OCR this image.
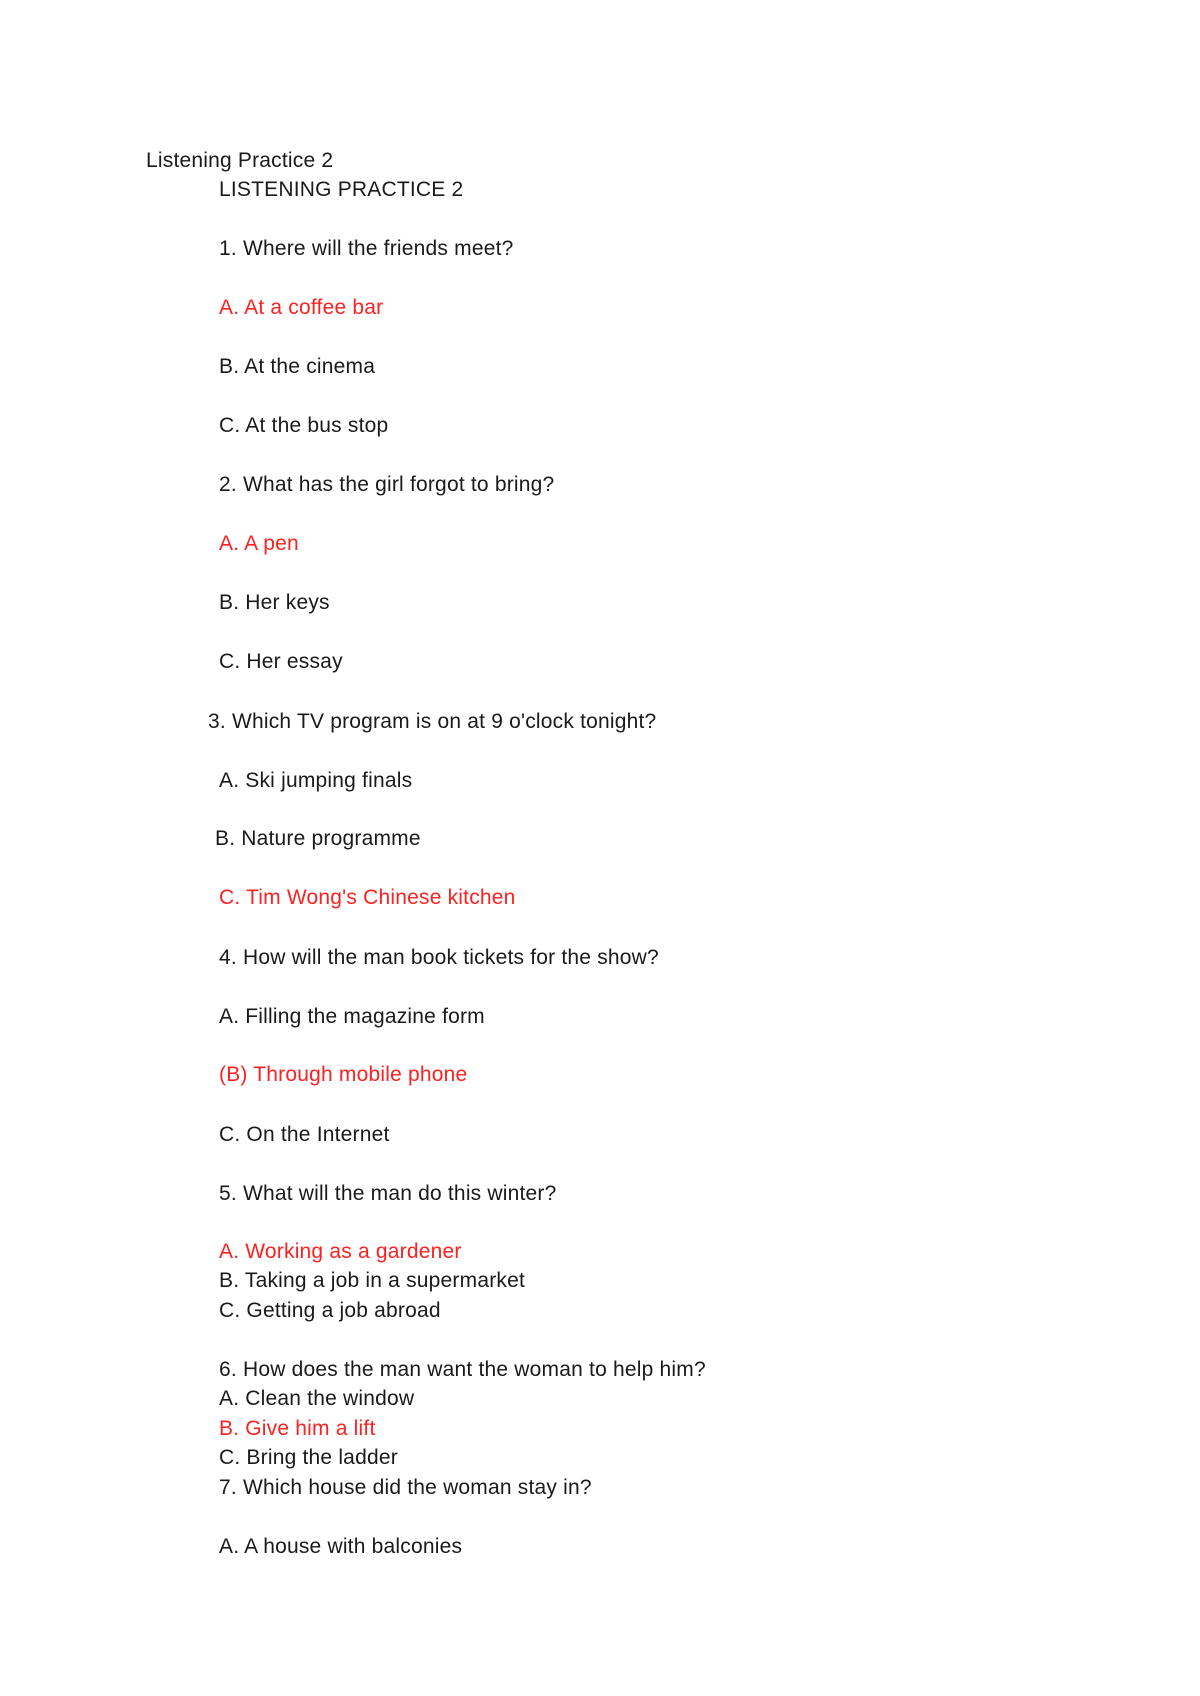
Listening Practice 2
LISTENING PRACTICE 2
1. Where will the friends meet?
A. At a coffee bar
B. At the cinema
C. At the bus stop
2. What has the girl forgot to bring?
A. A pen
B. Her keys
C. Her essay
3. Which TV program is on at 9 o'clock tonight?
A. Ski jumping finals
B. Nature programme
C. Tim Wong's Chinese kitchen
4. How will the man book tickets for the show?
A. Filling the magazine form
(B) Through mobile phone
C. On the Internet
5. What will the man do this winter?
A. Working as a gardener
B. Taking a job in a supermarket
C. Getting a job abroad
6. How does the man want the woman to help him?
A. Clean the window
B. Give him a lift
C. Bring the ladder
7. Which house did the woman stay in?
A. A house with balconies
